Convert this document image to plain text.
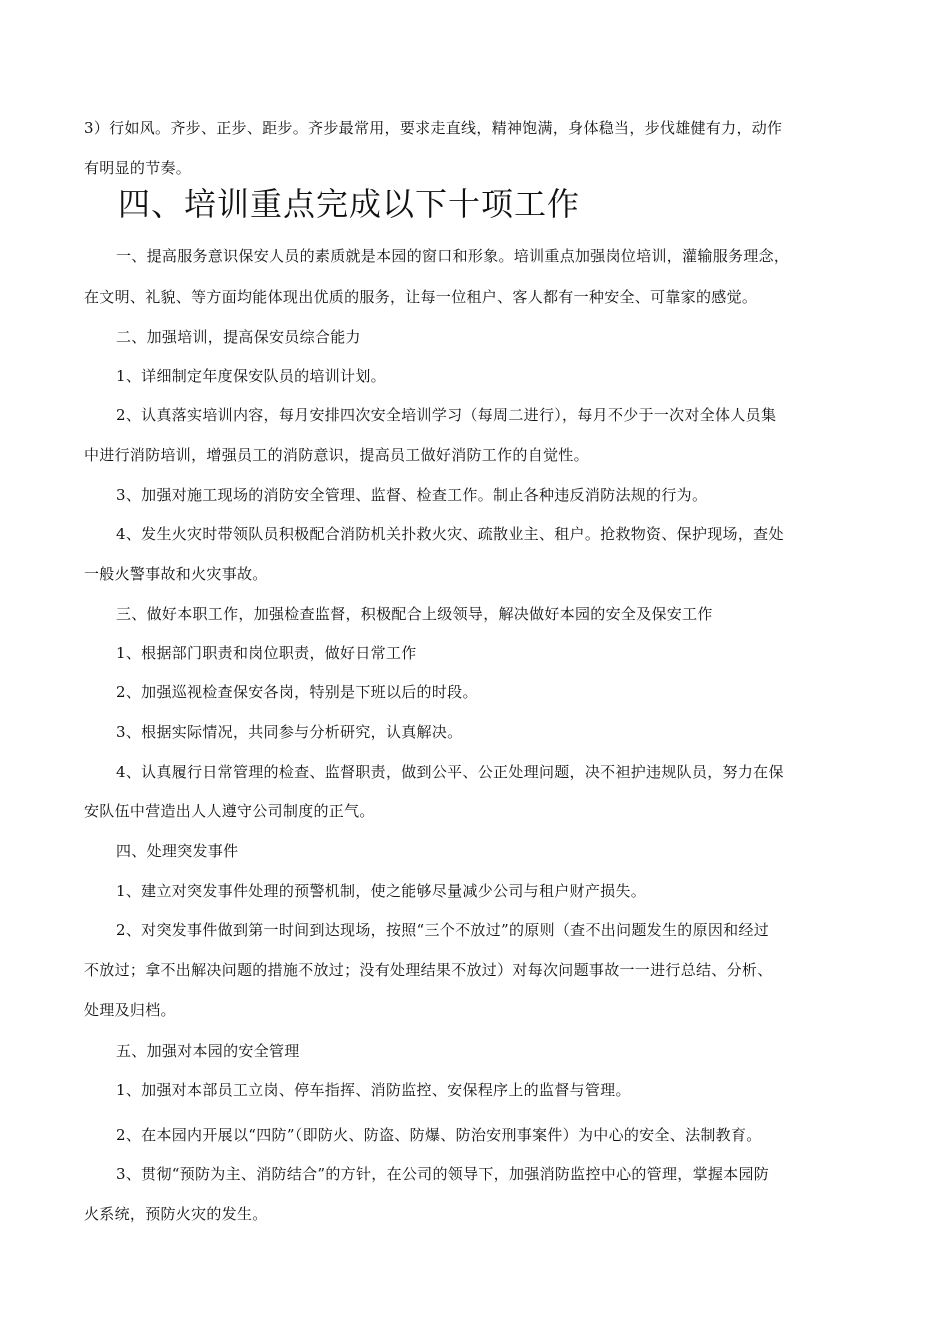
3）行如风。齐步、正步、距步。齐步最常用，要求走直线，精神饱满，身体稳当，步伐雄健有力，动作
有明显的节奏。
四、培训重点完成以下十项工作
一、提高服务意识保安人员的素质就是本园的窗口和形象。培训重点加强岗位培训，灌输服务理念，
在文明、礼貌、等方面均能体现出优质的服务，让每一位租户、客人都有一种安全、可靠家的感觉。
二、加强培训，提高保安员综合能力
1、详细制定年度保安队员的培训计划。
2、认真落实培训内容，每月安排四次安全培训学习（每周二进行），每月不少于一次对全体人员集
中进行消防培训，增强员工的消防意识，提高员工做好消防工作的自觉性。
3、加强对施工现场的消防安全管理、监督、检查工作。制止各种违反消防法规的行为。
4、发生火灾时带领队员积极配合消防机关扑救火灾、疏散业主、租户。抢救物资、保护现场，查处
一般火警事故和火灾事故。
三、做好本职工作，加强检查监督，积极配合上级领导，解决做好本园的安全及保安工作
1、根据部门职责和岗位职责，做好日常工作
2、加强巡视检查保安各岗，特别是下班以后的时段。
3、根据实际情况，共同参与分析研究，认真解决。
4、认真履行日常管理的检查、监督职责，做到公平、公正处理问题，决不袒护违规队员，努力在保
安队伍中营造出人人遵守公司制度的正气。
四、处理突发事件
1、建立对突发事件处理的预警机制，使之能够尽量减少公司与租户财产损失。
2、对突发事件做到第一时间到达现场，按照“三个不放过”的原则（查不出问题发生的原因和经过
不放过；拿不出解决问题的措施不放过；没有处理结果不放过）对每次问题事故一一进行总结、分析、
处理及归档。
五、加强对本园的安全管理
1、加强对本部员工立岗、停车指挥、消防监控、安保程序上的监督与管理。
2、在本园内开展以“四防”（即防火、防盗、防爆、防治安刑事案件）为中心的安全、法制教育。
3、贯彻“预防为主、消防结合”的方针，在公司的领导下，加强消防监控中心的管理，掌握本园防
火系统，预防火灾的发生。
